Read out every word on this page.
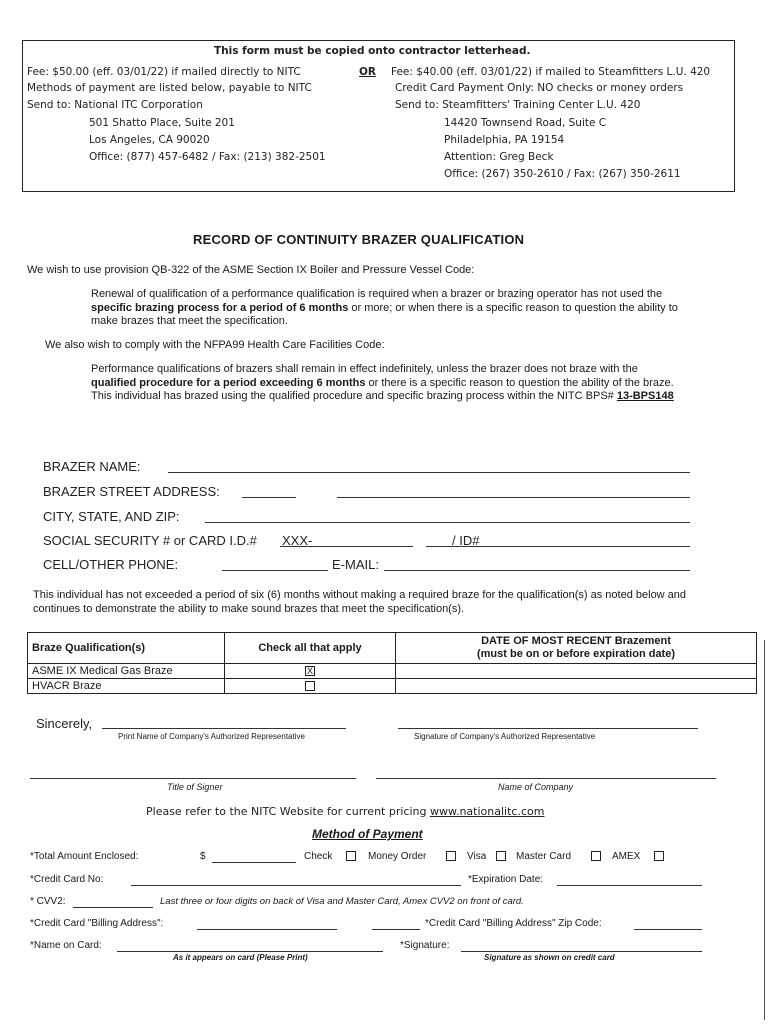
This form must be copied onto contractor letterhead.
Fee: $50.00 (eff. 03/01/22) if mailed directly to NITC
Methods of payment are listed below, payable to NITC
Send to: National ITC Corporation
501 Shatto Place, Suite 201
Los Angeles, CA 90020
Office: (877) 457-6482 / Fax: (213) 382-2501
OR Fee: $40.00 (eff. 03/01/22) if mailed to Steamfitters L.U. 420
Credit Card Payment Only: NO checks or money orders
Send to: Steamfitters' Training Center L.U. 420
14420 Townsend Road, Suite C
Philadelphia, PA 19154
Attention: Greg Beck
Office: (267) 350-2610 / Fax: (267) 350-2611
RECORD OF CONTINUITY BRAZER QUALIFICATION
We wish to use provision QB-322 of the ASME Section IX Boiler and Pressure Vessel Code:
Renewal of qualification of a performance qualification is required when a brazer or brazing operator has not used the specific brazing process for a period of 6 months or more; or when there is a specific reason to question the ability to make brazes that meet the specification.
We also wish to comply with the NFPA99 Health Care Facilities Code:
Performance qualifications of brazers shall remain in effect indefinitely, unless the brazer does not braze with the qualified procedure for a period exceeding 6 months or there is a specific reason to question the ability of the braze. This individual has brazed using the qualified procedure and specific brazing process within the NITC BPS# 13-BPS148
BRAZER NAME:
BRAZER STREET ADDRESS:
CITY, STATE, AND ZIP:
SOCIAL SECURITY # or CARD I.D.# XXX-	/ ID#
CELL/OTHER PHONE:	E-MAIL:
This individual has not exceeded a period of six (6) months without making a required braze for the qualification(s) as noted below and continues to demonstrate the ability to make sound brazes that meet the specification(s).
Braze Qualification(s)	Check all that apply	DATE OF MOST RECENT Brazement
(must be on or before expiration date)

ASME IX Medical Gas Braze	X	
HVACR Braze		
Sincerely,
Print Name of Company's Authorized Representative	Signature of Company's Authorized Representative
Title of Signer	Name of Company
Please refer to the NITC Website for current pricing www.nationalitc.com
Method of Payment
*Total Amount Enclosed:	$	Check	Money Order	Visa	Master Card	AMEX
*Credit Card No:	*Expiration Date:
* CVV2:	Last three or four digits on back of Visa and Master Card, Amex CVV2 on front of card.
*Credit Card "Billing Address":	*Credit Card "Billing Address" Zip Code:
*Name on Card:	*Signature:
As it appears on card (Please Print)	Signature as shown on credit card
